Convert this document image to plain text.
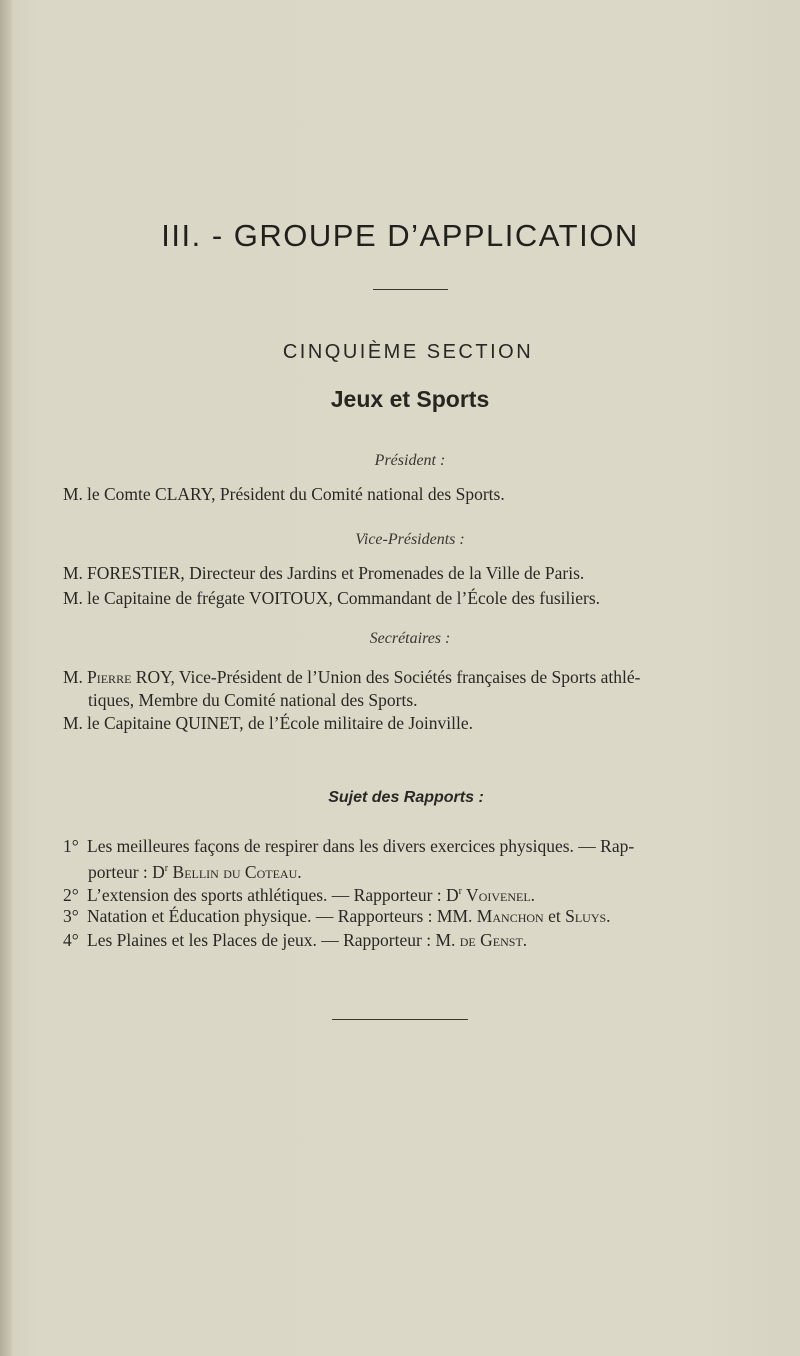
III. - GROUPE D’APPLICATION
CINQUIÈME SECTION
Jeux et Sports
Président :
M. le Comte CLARY, Président du Comité national des Sports.
Vice-Présidents :
M. FORESTIER, Directeur des Jardins et Promenades de la Ville de Paris.
M. le Capitaine de frégate VOITOUX, Commandant de l’École des fusiliers.
Secrétaires :
M. Pierre ROY, Vice-Président de l’Union des Sociétés françaises de Sports athlé-
tiques, Membre du Comité national des Sports.
M. le Capitaine QUINET, de l’École militaire de Joinville.
Sujet des Rapports :
1° Les meilleures façons de respirer dans les divers exercices physiques. — Rap-
porteur : $D^r$ Bellin du Coteau.
2° L’extension des sports athlétiques. — Rapporteur : $D^r$ Voivenel.
3° Natation et Éducation physique. — Rapporteurs : MM. Manchon et Sluys.
4° Les Plaines et les Places de jeux. — Rapporteur : M. de Genst.
